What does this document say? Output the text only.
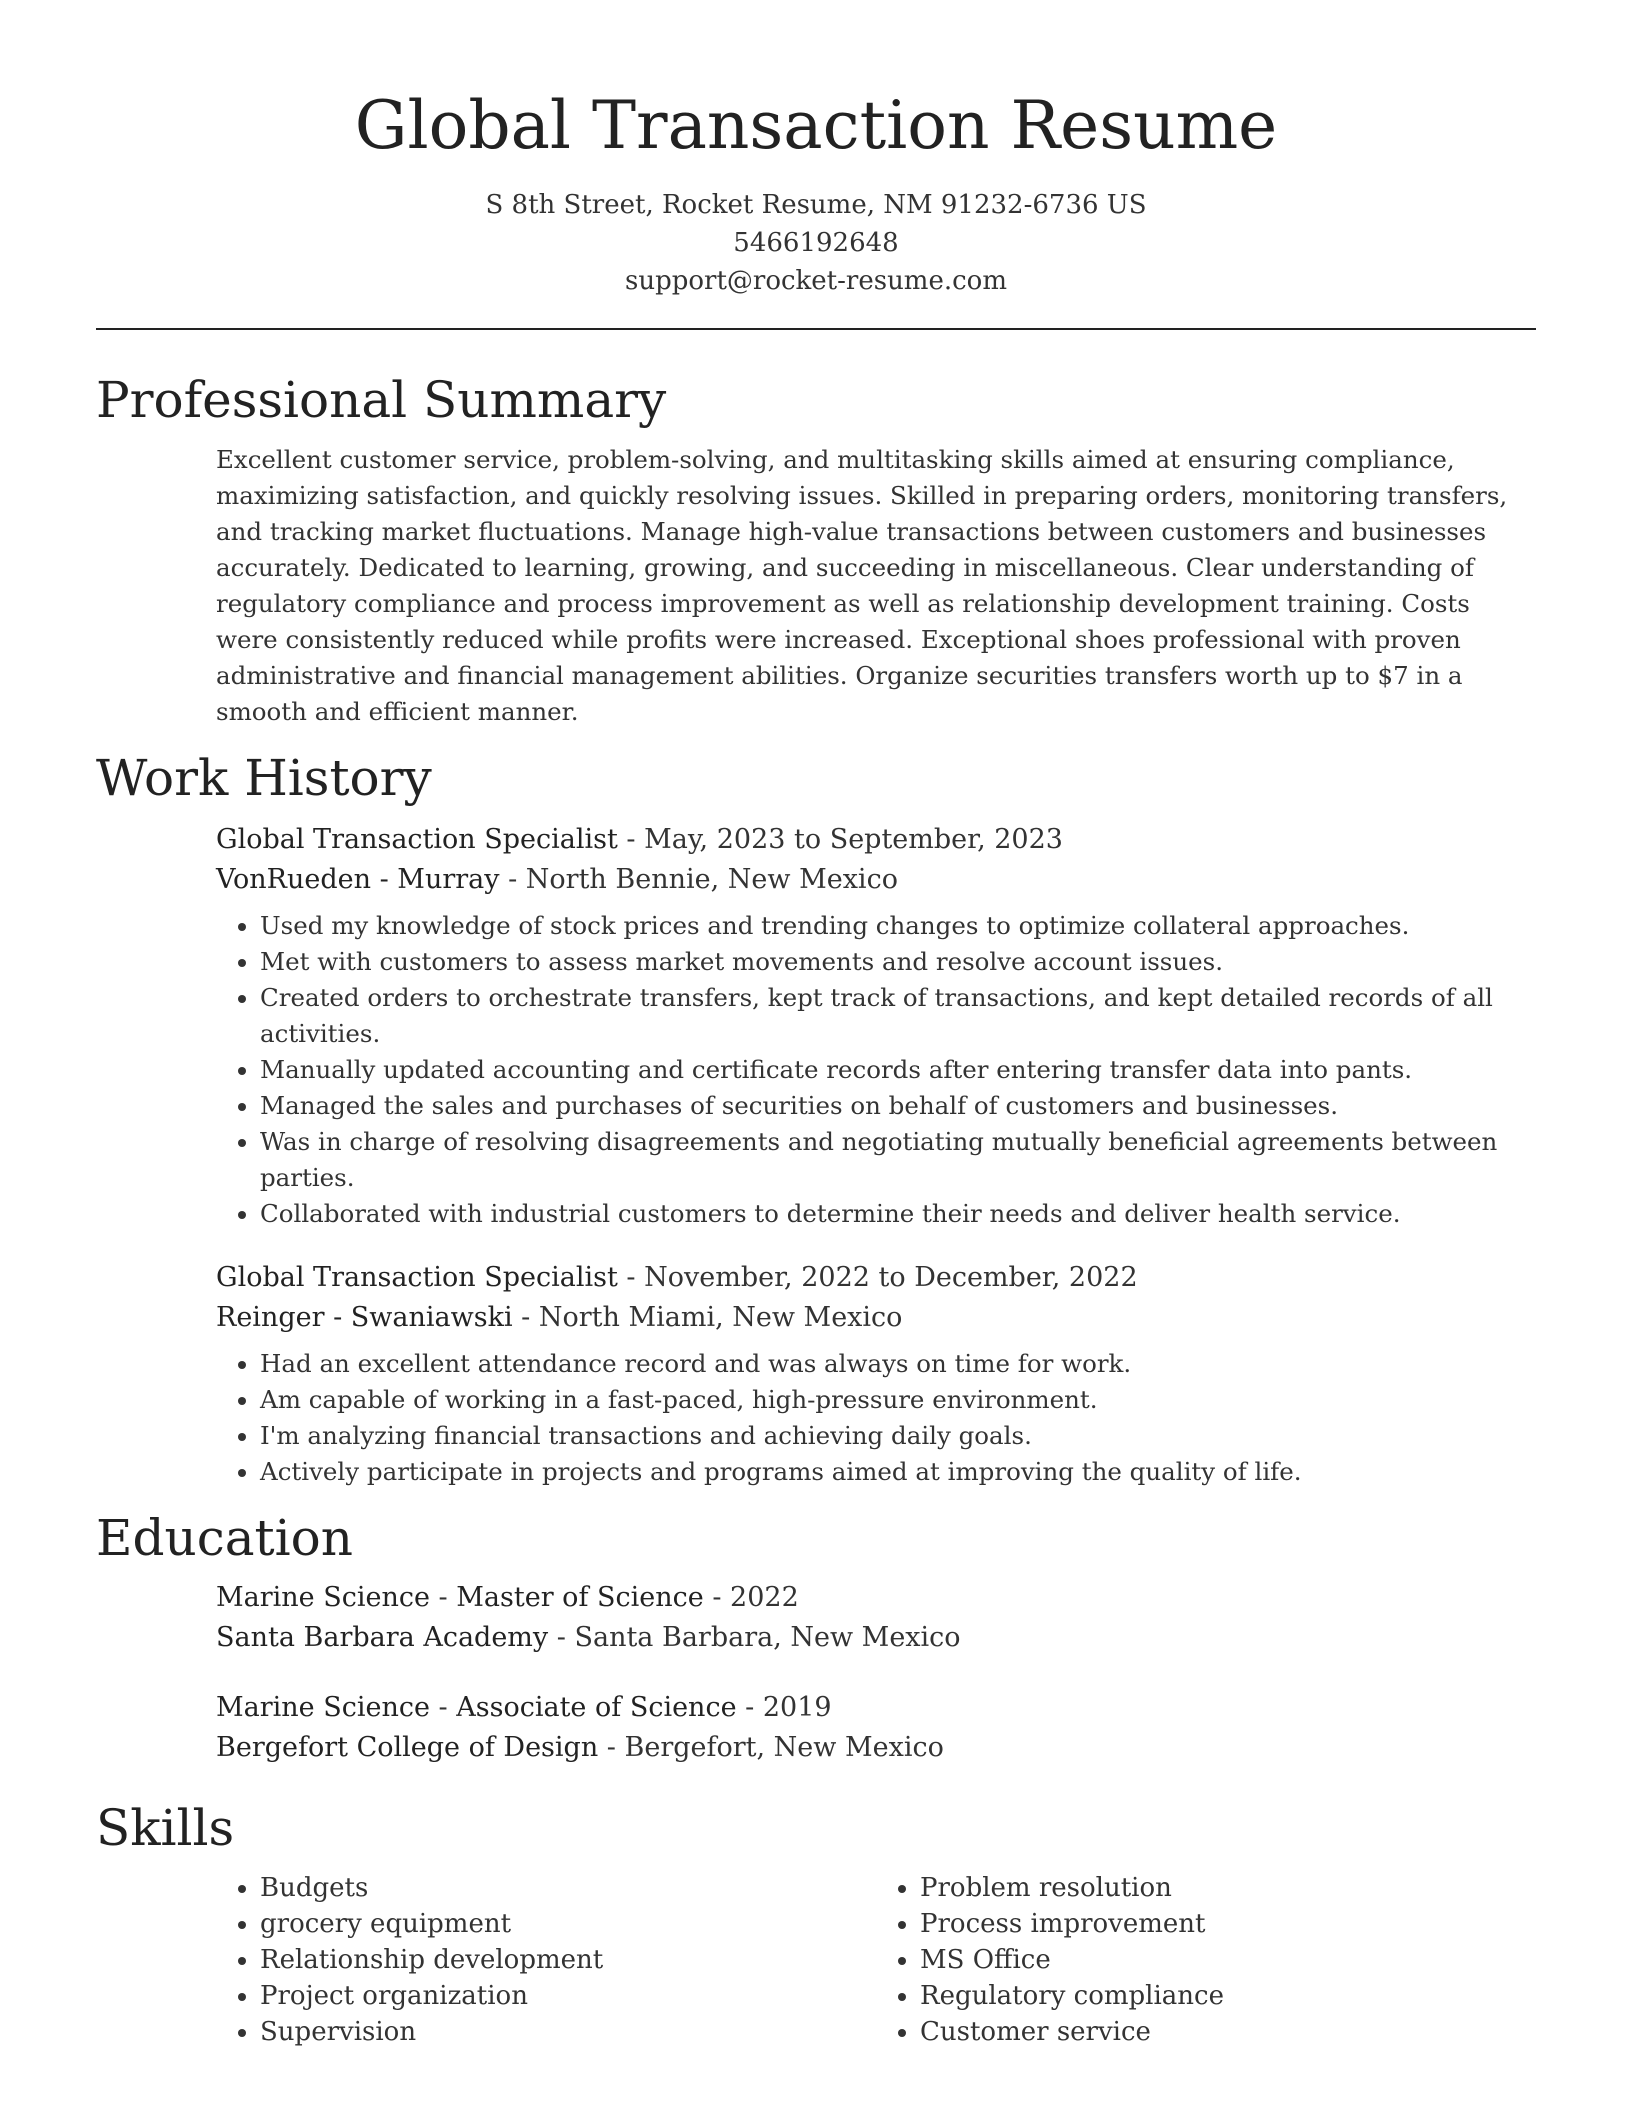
Global Transaction Resume
S 8th Street, Rocket Resume, NM 91232-6736 US
5466192648
support@rocket-resume.com
Professional Summary

Excellent customer service, problem-solving, and multitasking skills aimed at ensuring compliance, maximizing satisfaction, and quickly resolving issues. Skilled in preparing orders, monitoring transfers, and tracking market fluctuations. Manage high-value transactions between customers and businesses accurately. Dedicated to learning, growing, and succeeding in miscellaneous. Clear understanding of regulatory compliance and process improvement as well as relationship development training. Costs were consistently reduced while profits were increased. Exceptional shoes professional with proven administrative and financial management abilities. Organize securities transfers worth up to $7 in a smooth and efficient manner.

Work History
Global Transaction Specialist - May, 2023 to September, 2023
VonRueden - Murray - North Bennie, New Mexico
• Used my knowledge of stock prices and trending changes to optimize collateral approaches.
• Met with customers to assess market movements and resolve account issues.
• Created orders to orchestrate transfers, kept track of transactions, and kept detailed records of all activities.
• Manually updated accounting and certificate records after entering transfer data into pants.
• Managed the sales and purchases of securities on behalf of customers and businesses.
• Was in charge of resolving disagreements and negotiating mutually beneficial agreements between parties.
• Collaborated with industrial customers to determine their needs and deliver health service.
Global Transaction Specialist - November, 2022 to December, 2022
Reinger - Swaniawski - North Miami, New Mexico
• Had an excellent attendance record and was always on time for work.
• Am capable of working in a fast-paced, high-pressure environment.
• I'm analyzing financial transactions and achieving daily goals.
• Actively participate in projects and programs aimed at improving the quality of life.
Education
Marine Science - Master of Science - 2022
Santa Barbara Academy - Santa Barbara, New Mexico
Marine Science - Associate of Science - 2019
Bergefort College of Design - Bergefort, New Mexico
Skills
• Budgets
• grocery equipment
• Relationship development
• Project organization
• Supervision
• Problem resolution
• Process improvement
• MS Office
• Regulatory compliance
• Customer service
